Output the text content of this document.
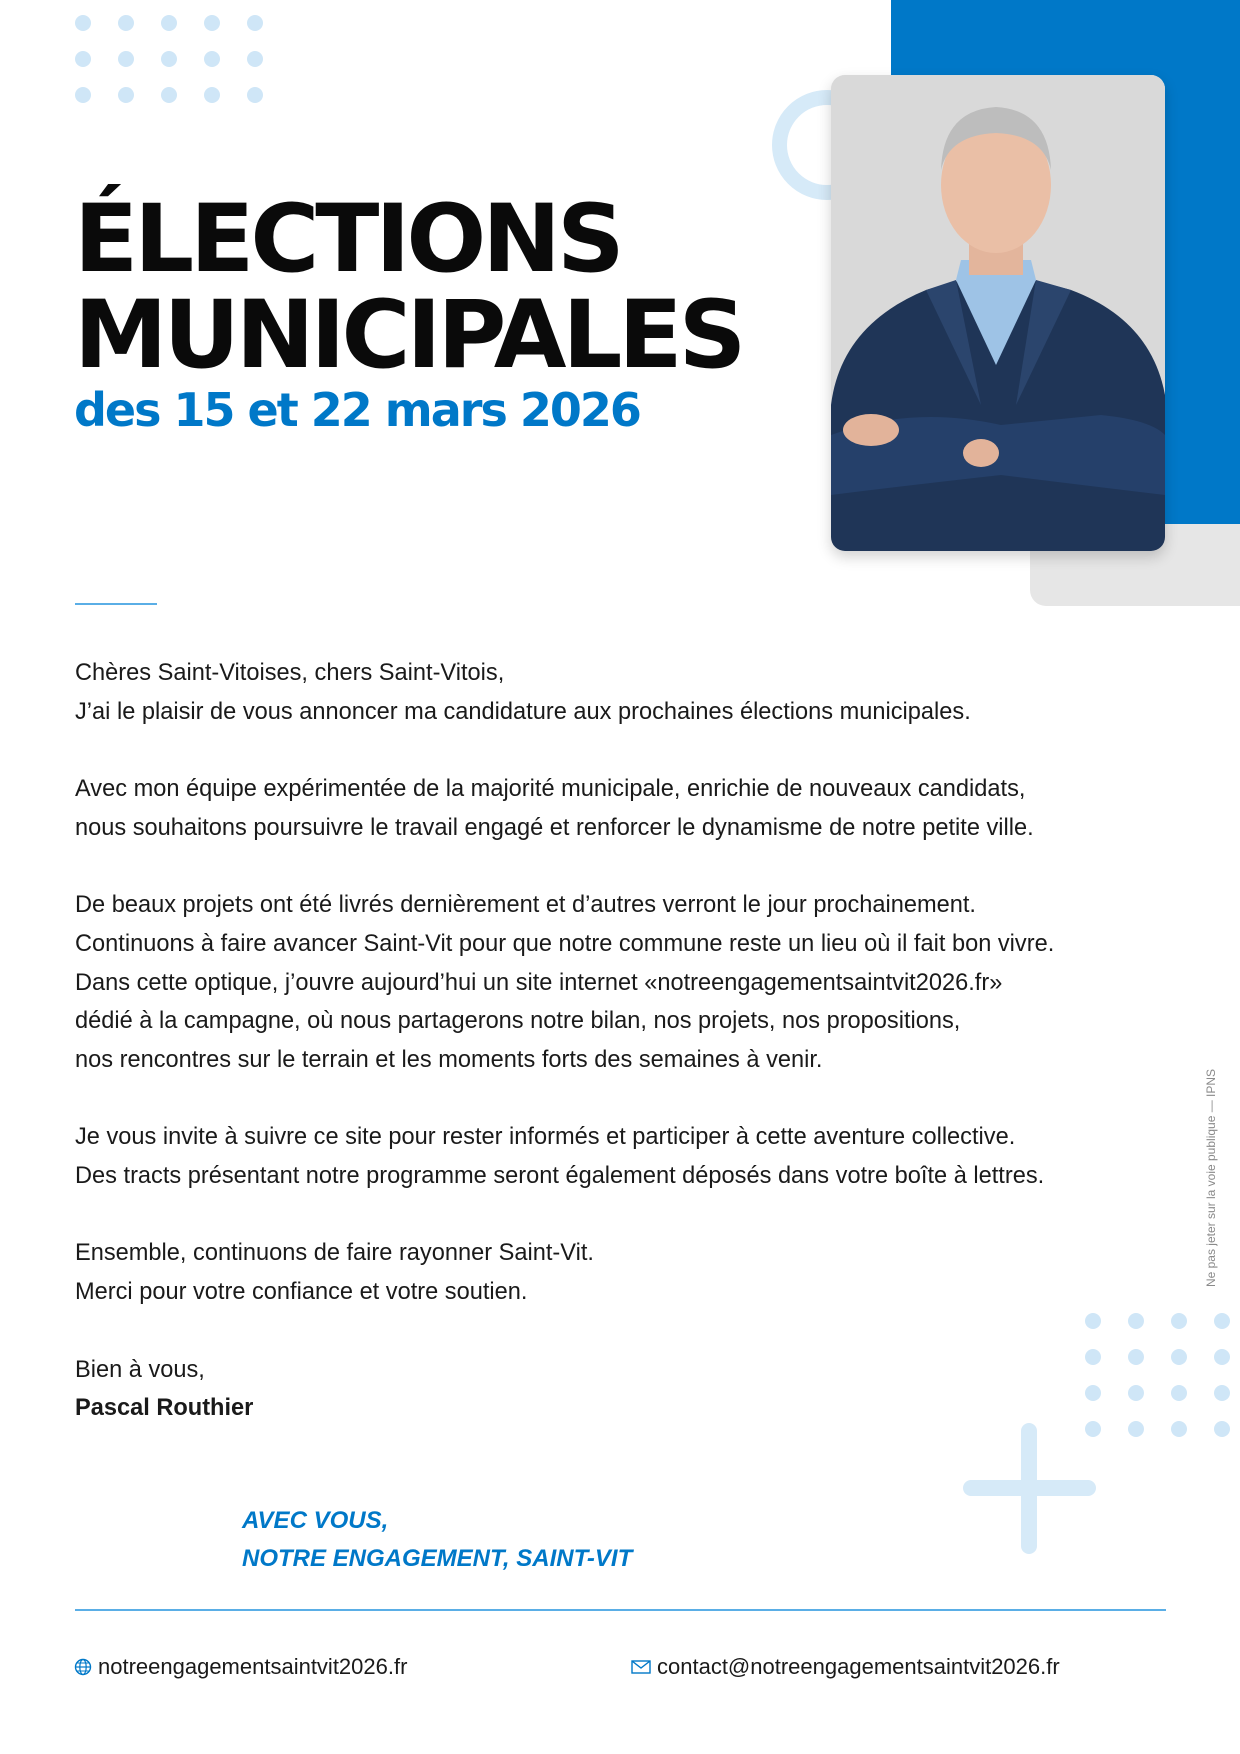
ÉLECTIONS
MUNICIPALES

des 15 et 22 mars 2026

Chères Saint-Vitoises, chers Saint-Vitois,
J’ai le plaisir de vous annoncer ma candidature aux prochaines élections municipales.

Avec mon équipe expérimentée de la majorité municipale, enrichie de nouveaux candidats,
nous souhaitons poursuivre le travail engagé et renforcer le dynamisme de notre petite ville.

De beaux projets ont été livrés dernièrement et d’autres verront le jour prochainement.
Continuons à faire avancer Saint-Vit pour que notre commune reste un lieu où il fait bon vivre.
Dans cette optique, j’ouvre aujourd’hui un site internet «notreengagementsaintvit2026.fr»
dédié à la campagne, où nous partagerons notre bilan, nos projets, nos propositions,
nos rencontres sur le terrain et les moments forts des semaines à venir.

Je vous invite à suivre ce site pour rester informés et participer à cette aventure collective.
Des tracts présentant notre programme seront également déposés dans votre boîte à lettres.

Ensemble, continuons de faire rayonner Saint-Vit.
Merci pour votre confiance et votre soutien.

Bien à vous,
Pascal Routhier

AVEC VOUS,
NOTRE ENGAGEMENT, SAINT-VIT
notreengagementsaintvit2026.fr	contact@notreengagementsaintvit2026.fr
Ne pas jeter sur la voie publique — IPNS
